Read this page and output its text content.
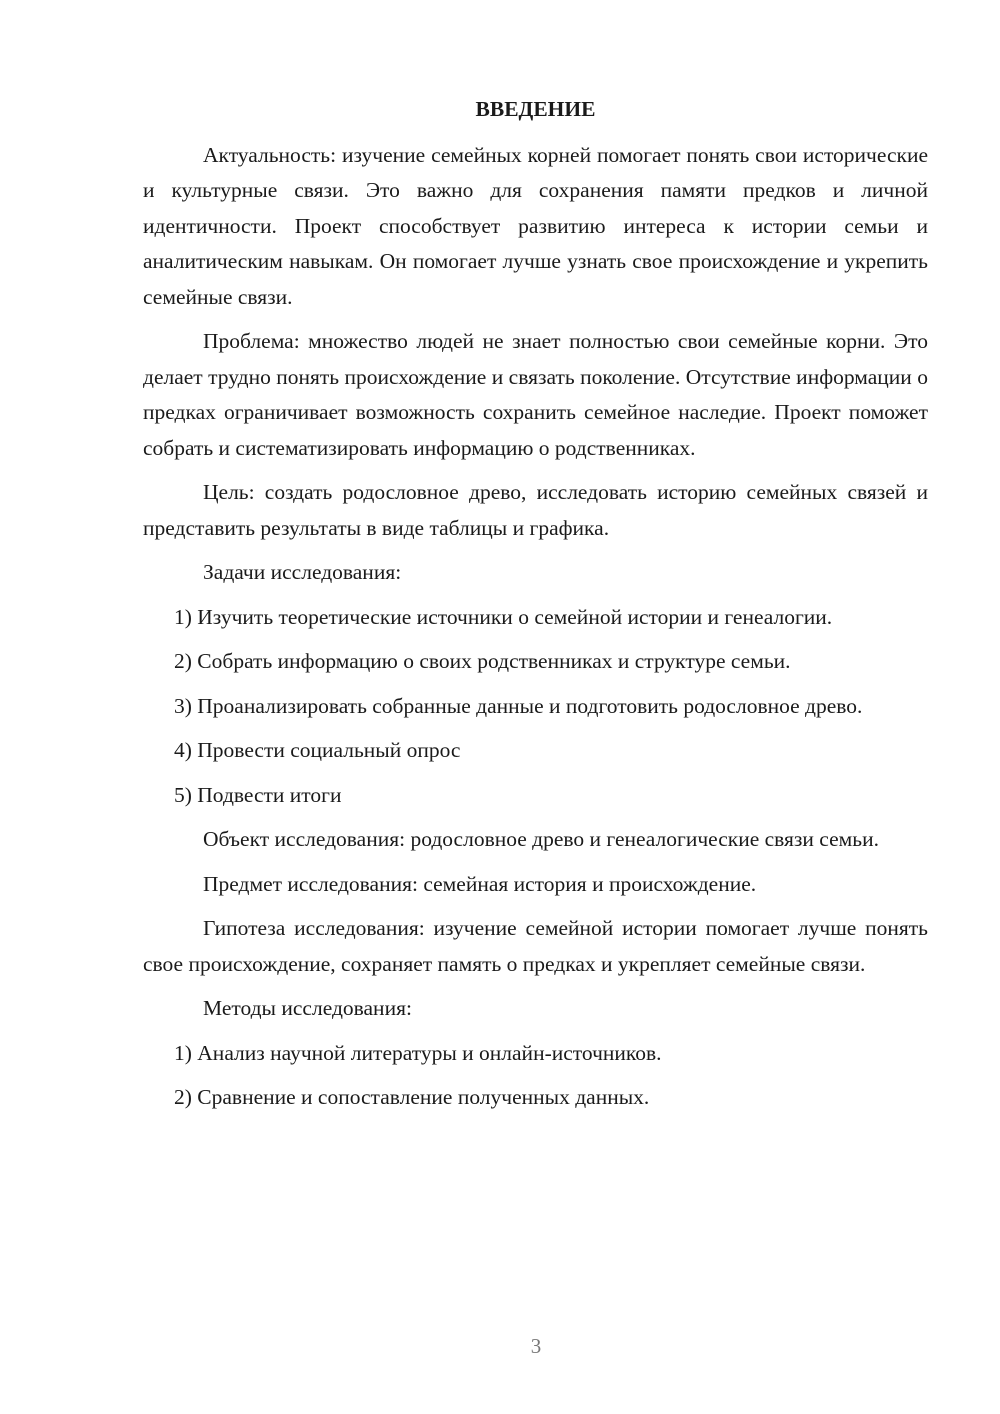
ВВЕДЕНИЕ

Актуальность: изучение семейных корней помогает понять свои исторические и культурные связи. Это важно для сохранения памяти предков и личной идентичности. Проект способствует развитию интереса к истории семьи и аналитическим навыкам. Он помогает лучше узнать свое происхождение и укрепить семейные связи.

Проблема: множество людей не знает полностью свои семейные корни. Это делает трудно понять происхождение и связать поколение. Отсутствие информации о предках ограничивает возможность сохранить семейное наследие. Проект поможет собрать и систематизировать информацию о родственниках.

Цель: создать родословное древо, исследовать историю семейных связей и представить результаты в виде таблицы и графика.

Задачи исследования:

1) Изучить теоретические источники о семейной истории и генеалогии.

2) Собрать информацию о своих родственниках и структуре семьи.

3) Проанализировать собранные данные и подготовить родословное древо.

4) Провести социальный опрос

5) Подвести итоги

Объект исследования: родословное древо и генеалогические связи семьи.

Предмет исследования: семейная история и происхождение.

Гипотеза исследования: изучение семейной истории помогает лучше понять свое происхождение, сохраняет память о предках и укрепляет семейные связи.

Методы исследования:

1) Анализ научной литературы и онлайн-источников.

2) Сравнение и сопоставление полученных данных.

3
